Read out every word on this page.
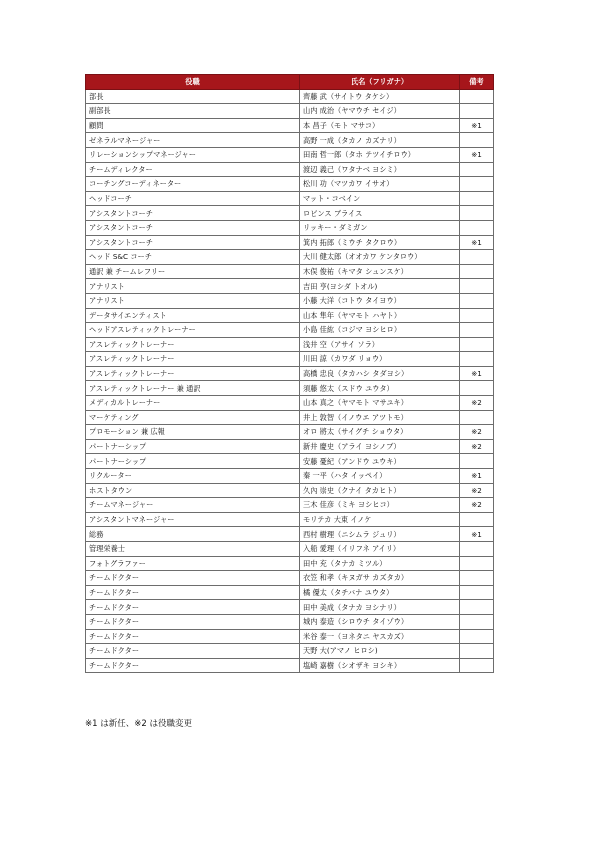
役職	氏名（フリガナ）	備考
部長	齊藤 武（サイトウ タケシ）	
副部長	山内 成治（ヤマウチ セイジ）	
顧問	本 昌子（モト マサコ）	※1
ゼネラルマネージャー	高野 一成（タカノ カズナリ）	
リレーションシップマネージャー	田南 哲一郎（タホ テツイチロウ）	※1
チームディレクター	渡辺 義己（ワタナベ ヨシミ）	
コーチングコーディネーター	松川 功（マツカワ イサオ）	
ヘッドコーチ	マット・コベイン	
アシスタントコーチ	ロビンス ブライス	
アシスタントコーチ	リッキー・ダミガン	
アシスタントコーチ	箕内 拓郎（ミウチ タクロウ）	※1
ヘッド S&C コーチ	大川 健太郎（オオカワ ケンタロウ）	
通訳 兼 チームレフリー	木俣 俊祐（キマタ シュンスケ）	
アナリスト	吉田 亨(ヨシダ トオル)	
アナリスト	小藤 大洋（コトウ タイヨウ）	
データサイエンティスト	山本 隼年（ヤマモト ハヤト）	
ヘッドアスレティックトレーナー	小島 佳紘（コジマ ヨシヒロ）	
アスレティックトレーナー	浅井 空（アサイ ソラ）	
アスレティックトレーナー	川田 諒（カワダ リョウ）	
アスレティックトレーナー	高橋 忠良（タカハシ タダヨシ）	※1
アスレティックトレーナー 兼 通訳	須藤 悠太（スドウ ユウタ）	
メディカルトレーナー	山本 真之（ヤマモト マサユキ）	※2
マーケティング	井上 敦智（イノウエ アツトモ）	
プロモーション 兼 広報	オロ 將太（サイグチ ショウタ）	※2
パートナーシップ	新井 慶史（アライ ヨシノブ）	※2
パートナーシップ	安藤 憂紀（アンドウ ユウキ）	
リクルーター	秦 一平（ハタ イッペイ）	※1
ホストタウン	久內 崇史（クナイ タカヒト）	※2
チームマネージャー	三木 佳彦（ミキ ヨシヒコ）	※2
アシスタントマネージャー	モリテカ 大東 イノケ	
総務	西村 樹理（ニシムラ ジュリ）	※1
管理栄養士	入船 愛理（イリフネ アイリ）	
フォトグラファー	田中 充（タナカ ミツル）	
チームドクター	衣笠 和孝（キヌガサ カズタカ）	
チームドクター	橘 優太（タチバナ ユウタ）	
チームドクター	田中 美成（タナカ ヨシナリ）	
チームドクター	城内 泰造（シロウチ タイゾウ）	
チームドクター	米谷 泰一（ヨネタニ ヤスカズ）	
チームドクター	天野 大(アマノ ヒロシ)	
チームドクター	塩崎 嘉樹（シオザキ ヨシキ）	
※1 は新任、※2 は役職変更
